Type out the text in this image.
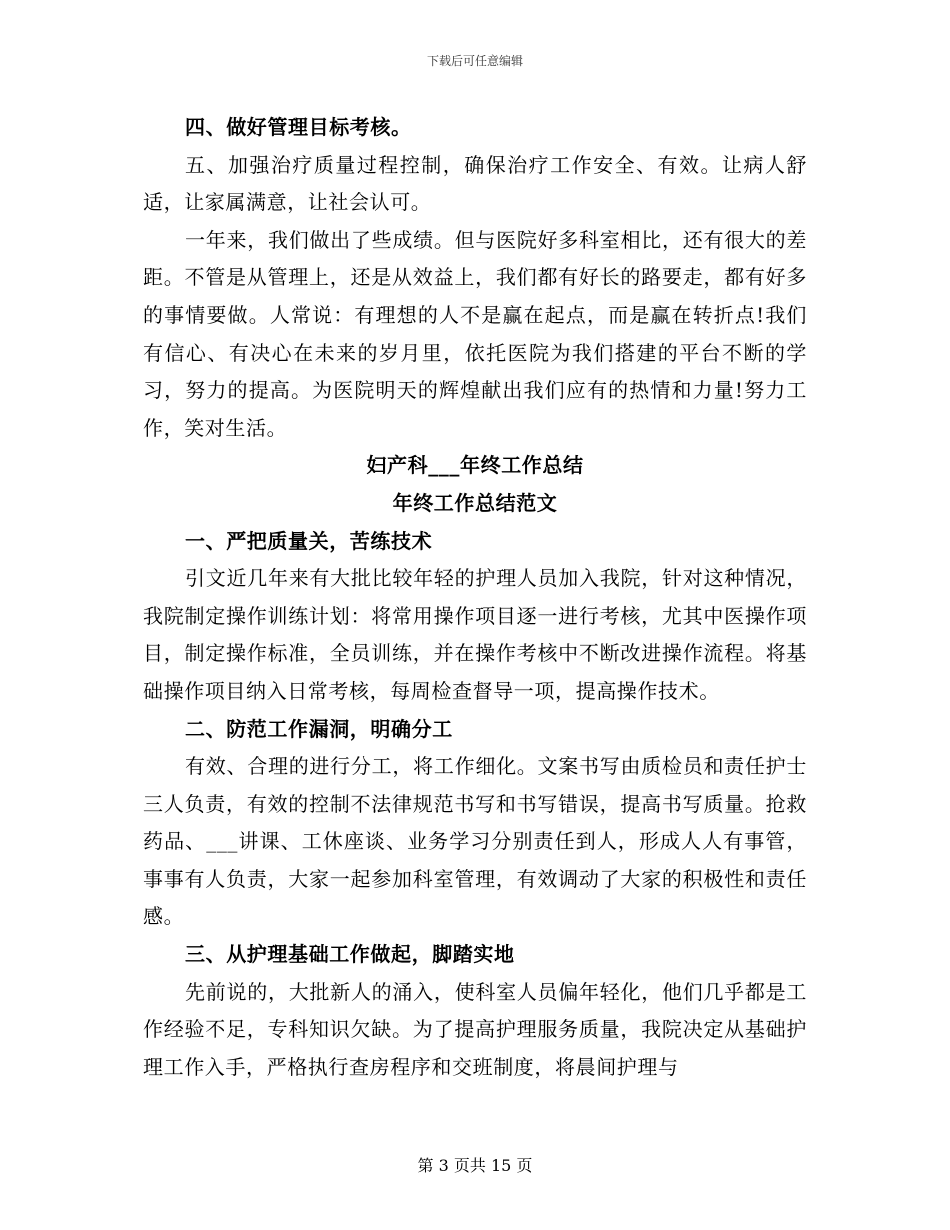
下载后可任意编辑

四、做好管理目标考核。

五、加强治疗质量过程控制，确保治疗工作安全、有效。让病人舒适，让家属满意，让社会认可。

一年来，我们做出了些成绩。但与医院好多科室相比，还有很大的差距。不管是从管理上，还是从效益上，我们都有好长的路要走，都有好多的事情要做。人常说：有理想的人不是赢在起点，而是赢在转折点!我们有信心、有决心在未来的岁月里，依托医院为我们搭建的平台不断的学习，努力的提高。为医院明天的辉煌献出我们应有的热情和力量!努力工作，笑对生活。

妇产科___年终工作总结

年终工作总结范文

一、严把质量关，苦练技术

引文近几年来有大批比较年轻的护理人员加入我院，针对这种情况，我院制定操作训练计划：将常用操作项目逐一进行考核，尤其中医操作项目，制定操作标准，全员训练，并在操作考核中不断改进操作流程。将基础操作项目纳入日常考核，每周检查督导一项，提高操作技术。

二、防范工作漏洞，明确分工

有效、合理的进行分工，将工作细化。文案书写由质检员和责任护士三人负责，有效的控制不法律规范书写和书写错误，提高书写质量。抢救药品、___讲课、工休座谈、业务学习分别责任到人，形成人人有事管，事事有人负责，大家一起参加科室管理，有效调动了大家的积极性和责任感。

三、从护理基础工作做起，脚踏实地

先前说的，大批新人的涌入，使科室人员偏年轻化，他们几乎都是工作经验不足，专科知识欠缺。为了提高护理服务质量，我院决定从基础护理工作入手，严格执行查房程序和交班制度，将晨间护理与

第 3 页共 15 页
